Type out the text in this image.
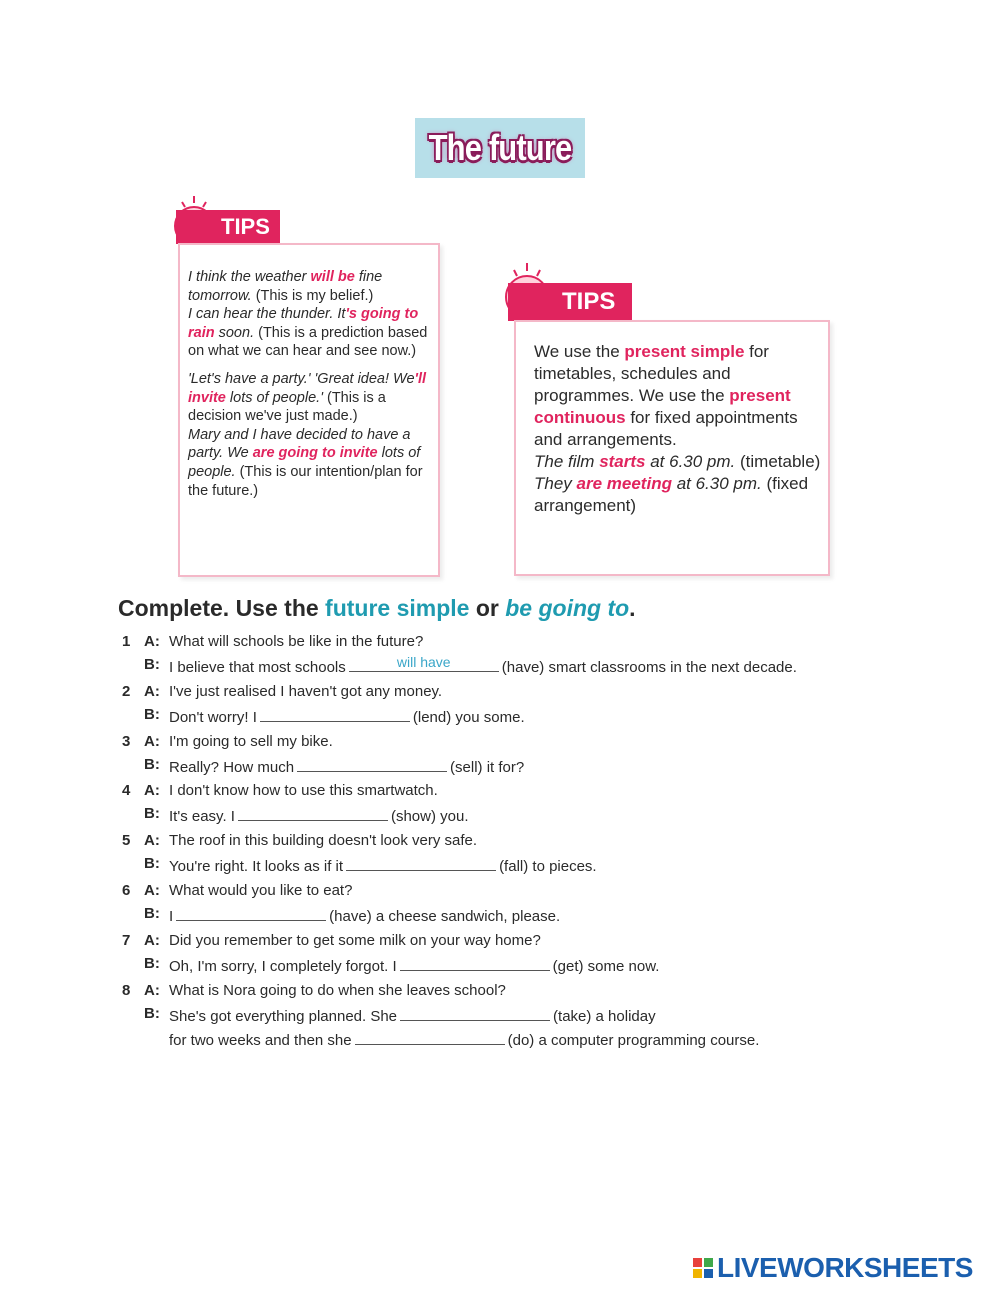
The future
TIPS

I think the weather will be fine tomorrow. (This is my belief.)

I can hear the thunder. It's going to rain soon. (This is a prediction based on what we can hear and see now.)

'Let's have a party.' 'Great idea! We'll invite lots of people.' (This is a decision we've just made.)

Mary and I have decided to have a party. We are going to invite lots of people. (This is our intention/plan for the future.)

TIPS

We use the present simple for timetables, schedules and programmes. We use the present continuous for fixed appointments and arrangements.

The film starts at 6.30 pm. (timetable)

They are meeting at 6.30 pm. (fixed arrangement)

Complete. Use the future simple or be going to.
1 A: What will schools be like in the future?
B: I believe that most schools	will have	(have) smart classrooms in the next decade.
2 A: I've just realised I haven't got any money.
B: Don't worry! I	(lend) you some.
3 A: I'm going to sell my bike.
B: Really? How much	(sell) it for?
4 A: I don't know how to use this smartwatch.
B: It's easy. I	(show) you.
5 A: The roof in this building doesn't look very safe.
B: You're right. It looks as if it	(fall) to pieces.
6 A: What would you like to eat?
B: I	(have) a cheese sandwich, please.
7 A: Did you remember to get some milk on your way home?
B: Oh, I'm sorry, I completely forgot. I	(get) some now.
8 A: What is Nora going to do when she leaves school?
B: She's got everything planned. She	(take) a holiday
for two weeks and then she	(do) a computer programming course.
LIVEWORKSHEETS
